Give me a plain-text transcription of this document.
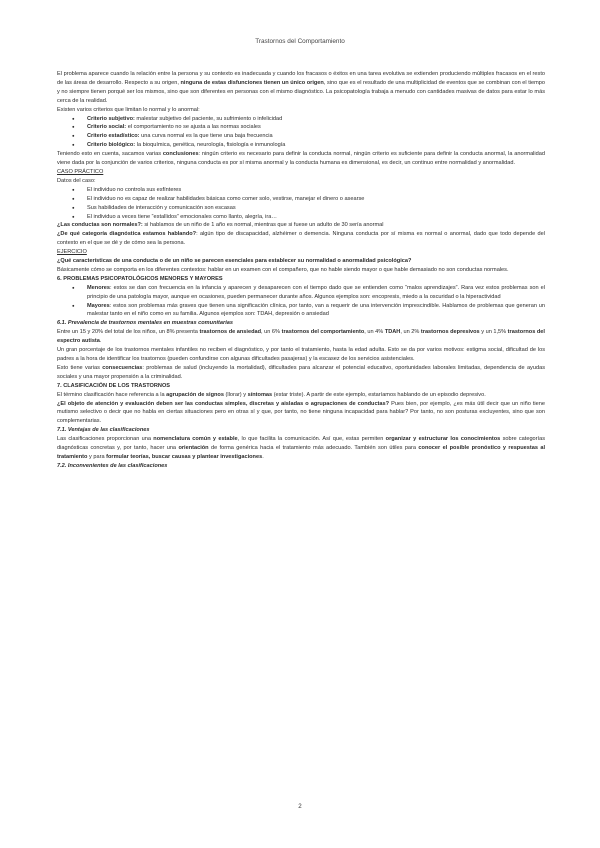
Trastornos del Comportamiento

El problema aparece cuando la relación entre la persona y su contexto es inadecuada y cuando los fracasos o éxitos en una tarea evolutiva se extienden produciendo múltiples fracasos en el resto de las áreas de desarrollo. Respecto a su origen, ninguna de estas disfunciones tienen un único origen, sino que es el resultado de una multiplicidad de eventos que se combinan con el tiempo y no siempre tienen porqué ser los mismos, sino que son diferentes en personas con el mismo diagnóstico. La psicopatología trabaja a menudo con cantidades masivas de datos para estar lo más cerca de la realidad.

Existen varios criterios que limitan lo normal y lo anormal:

● Criterio subjetivo: malestar subjetivo del paciente, su sufrimiento o infelicidad
● Criterio social: el comportamiento no se ajusta a las normas sociales
● Criterio estadístico: una curva normal es la que tiene una baja frecuencia
● Criterio biológico: la bioquímica, genética, neurología, fisiología e inmunología

Teniendo esto en cuenta, sacamos varias conclusiones: ningún criterio es necesario para definir la conducta normal, ningún criterio es suficiente para definir la conducta anormal, la anormalidad viene dada por la conjunción de varios criterios, ninguna conducta es por sí misma anormal y la conducta humana es dimensional, es decir, un continuo entre normalidad y anormalidad.

CASO PRÁCTICO

Datos del caso:

● El individuo no controla sus esfínteres
● El individuo no es capaz de realizar habilidades básicas como comer solo, vestirse, manejar el dinero o asearse
● Sus habilidades de interacción y comunicación son escasas
● El individuo a veces tiene “estallidos” emocionales como llanto, alegría, ira…

¿Las conductas son normales?: si hablamos de un niño de 1 año es normal, mientras que si fuese un adulto de 30 sería anormal

¿De qué categoría diagnóstica estamos hablando?: algún tipo de discapacidad, alzhéimer o demencia. Ninguna conducta por sí misma es normal o anormal, dado que todo depende del contexto en el que se dé y de cómo sea la persona.

EJERCICIO

¿Qué características de una conducta o de un niño se parecen esenciales para establecer su normalidad o anormalidad psicológica?

Básicamente cómo se comporta en los diferentes contextos: hablar en un examen con el compañero, que no hable siendo mayor o que hable demasiado no son conductas normales.

6. PROBLEMAS PSICOPATOLÓGICOS MENORES Y MAYORES

● Menores: estos se dan con frecuencia en la infancia y aparecen y desaparecen con el tiempo dado que se entienden como “malos aprendizajes”. Rara vez estos problemas son el principio de una patología mayor, aunque en ocasiones, pueden permanecer durante años. Algunos ejemplos son: encopresis, miedo a la oscuridad o la hiperactividad
● Mayores: estos son problemas más graves que tienen una significación clínica, por tanto, van a requerir de una intervención imprescindible. Hablamos de problemas que generan un malestar tanto en el niño como en su familia. Algunos ejemplos son: TDAH, depresión o ansiedad

6.1. Prevalencia de trastornos mentales en muestras comunitarias

Entre un 15 y 20% del total de los niños, un 8% presenta trastornos de ansiedad, un 6% trastornos del comportamiento, un 4% TDAH, un 2% trastornos depresivos y un 1,5% trastornos del espectro autista.

Un gran porcentaje de los trastornos mentales infantiles no reciben el diagnóstico, y por tanto el tratamiento, hasta la edad adulta. Esto se da por varios motivos: estigma social, dificultad de los padres a la hora de identificar los trastornos (pueden confundirse con algunas dificultades pasajeras) y la escasez de los servicios asistenciales.

Esto tiene varias consecuencias: problemas de salud (incluyendo la mortalidad), dificultades para alcanzar el potencial educativo, oportunidades laborales limitadas, dependencia de ayudas sociales y una mayor propensión a la criminalidad.

7. CLASIFICACIÓN DE LOS TRASTORNOS

El término clasificación hace referencia a la agrupación de signos (llorar) y síntomas (estar triste). A partir de este ejemplo, estaríamos hablando de un episodio depresivo.

¿El objeto de atención y evaluación deben ser las conductas simples, discretas y aisladas o agrupaciones de conductas? Pues bien, por ejemplo, ¿es más útil decir que un niño tiene mutismo selectivo o decir que no habla en ciertas situaciones pero en otras sí y que, por tanto, no tiene ninguna incapacidad para hablar? Por tanto, no son posturas excluyentes, sino que son complementarias.

7.1. Ventajas de las clasificaciones

Las clasificaciones proporcionan una nomenclatura común y estable, lo que facilita la comunicación. Así que, estas permiten organizar y estructurar los conocimientos sobre categorías diagnósticas concretas y, por tanto, hacer una orientación de forma genérica hacia el tratamiento más adecuado. También son útiles para conocer el posible pronóstico y respuestas al tratamiento y para formular teorías, buscar causas y plantear investigaciones.

7.2. Inconvenientes de las clasificaciones

2
